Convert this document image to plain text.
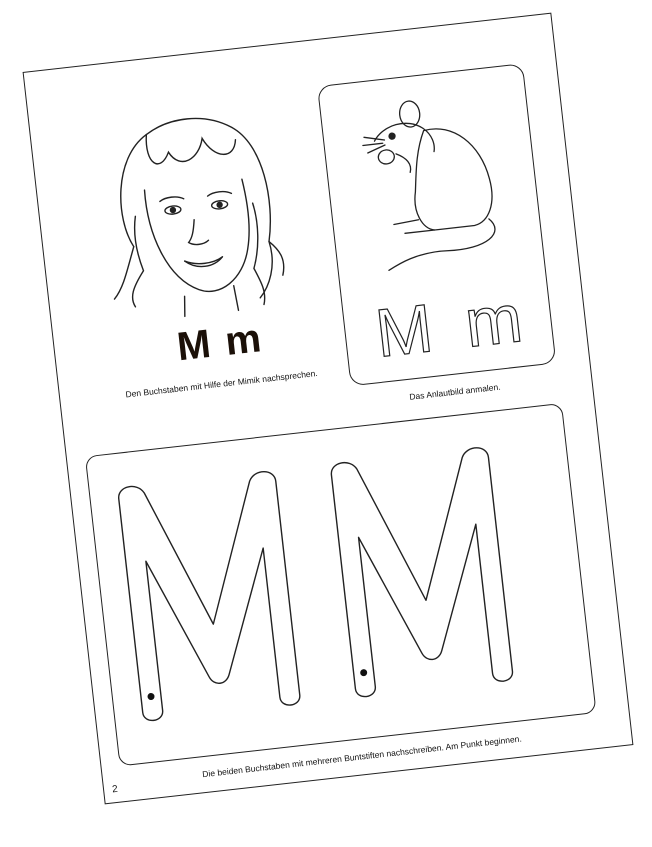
M m
Den Buchstaben mit Hilfe der Mimik nachsprechen.
M m
Das Anlautbild anmalen.
Die beiden Buchstaben mit mehreren Buntstiften nachschreiben. Am Punkt beginnen.
2
